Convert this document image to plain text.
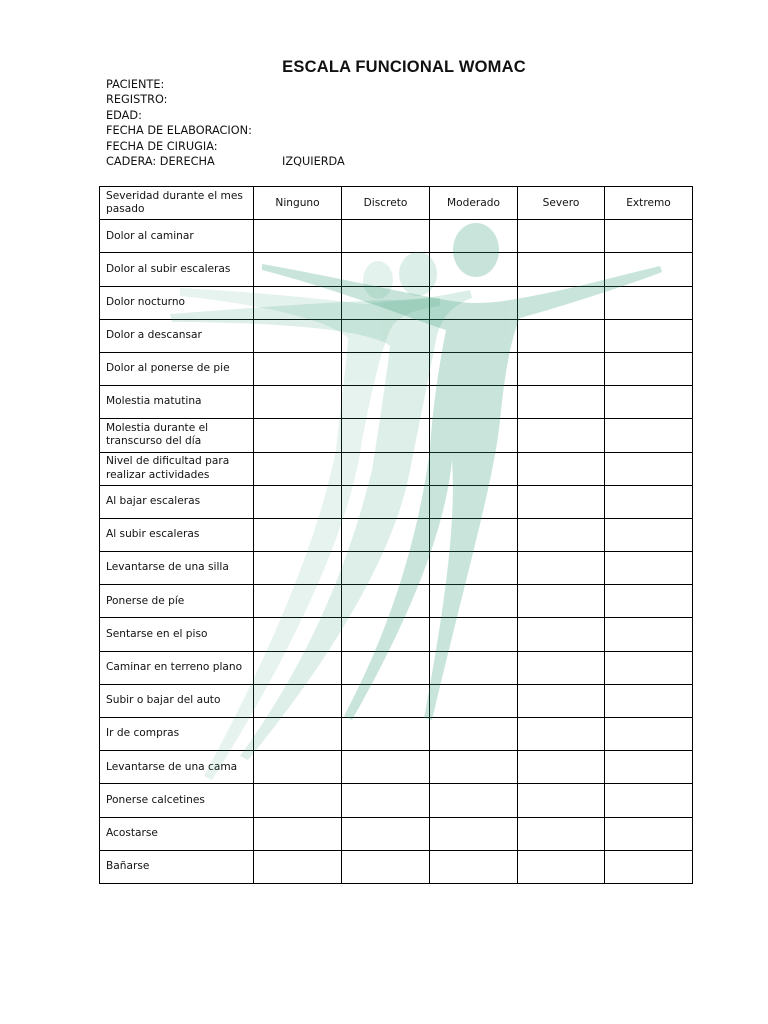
ESCALA FUNCIONAL WOMAC
PACIENTE:
REGISTRO:
EDAD:
FECHA DE ELABORACION:
FECHA DE CIRUGIA:
CADERA: DERECHA	IZQUIERDA
Severidad durante el mes pasado	Ninguno	Discreto	Moderado	Severo	Extremo
Dolor al caminar					
Dolor al subir escaleras					
Dolor nocturno					
Dolor a descansar					
Dolor al ponerse de pie					
Molestia matutina					
Molestia durante el transcurso del día					
Nivel de dificultad para realizar actividades					
Al bajar escaleras					
Al subir escaleras					
Levantarse de una silla					
Ponerse de píe					
Sentarse en el piso					
Caminar en terreno plano					
Subir o bajar del auto					
Ir de compras					
Levantarse de una cama					
Ponerse calcetines					
Acostarse					
Bañarse					
